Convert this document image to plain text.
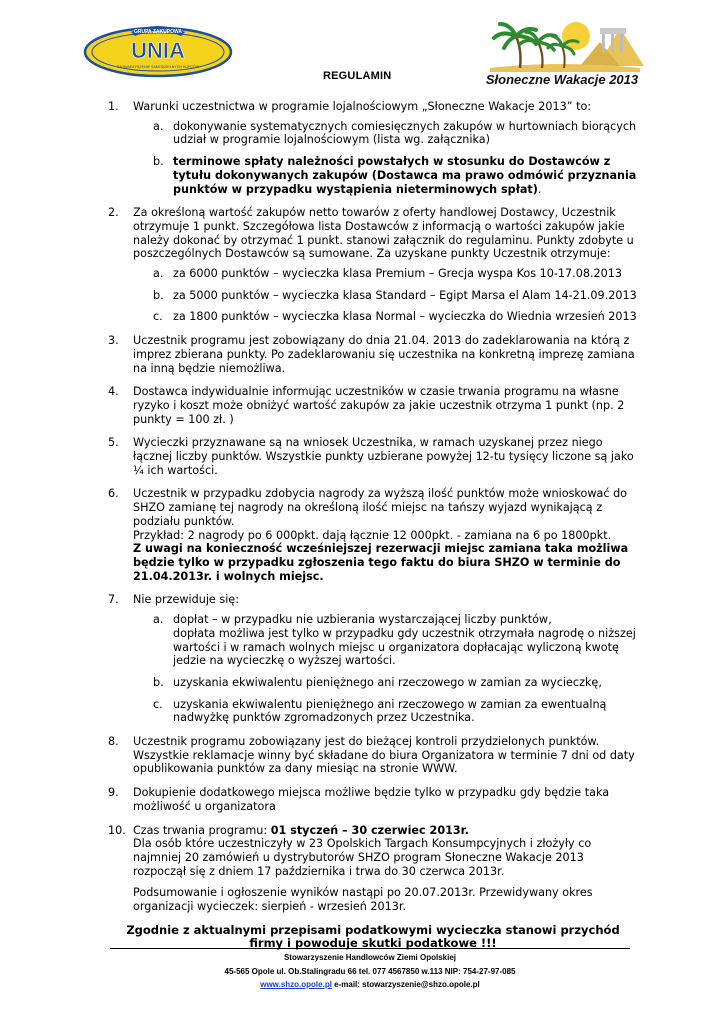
GRUPA ZAKUPOWA
UNIA
STOWARZYSZENIE SAMODZIELNYCH KUPCÓW
Słoneczne Wakacje 2013
REGULAMIN
1.	Warunki uczestnictwa w programie lojalnościowym „Słoneczne Wakacje 2013” to:

a. dokonywanie systematycznych comiesięcznych zakupów w hurtowniach biorących udział w programie lojalnościowym (lista wg. załącznika)

b. terminowe spłaty należności powstałych w stosunku do Dostawców z tytułu dokonywanych zakupów (Dostawca ma prawo odmówić przyznania punktów w przypadku wystąpienia nieterminowych spłat).

2.	Za określoną wartość zakupów netto towarów z oferty handlowej Dostawcy, Uczestnik otrzymuje 1 punkt. Szczegółowa lista Dostawców z informacją o wartości zakupów jakie należy dokonać by otrzymać 1 punkt. stanowi załącznik do regulaminu. Punkty zdobyte u poszczególnych Dostawców są sumowane. Za uzyskane punkty Uczestnik otrzymuje:

a. za 6000 punktów – wycieczka klasa Premium – Grecja wyspa Kos 10-17.08.2013

b. za 5000 punktów – wycieczka klasa Standard – Egipt Marsa el Alam 14-21.09.2013

c. za 1800 punktów – wycieczka klasa Normal – wycieczka do Wiednia wrzesień 2013

3.	Uczestnik programu jest zobowiązany do dnia 21.04. 2013 do zadeklarowania na którą z imprez zbierana punkty. Po zadeklarowaniu się uczestnika na konkretną imprezę zamiana na inną będzie niemożliwa.

4.	Dostawca indywidualnie informując uczestników w czasie trwania programu na własne ryzyko i koszt może obniżyć wartość zakupów za jakie uczestnik otrzyma 1 punkt (np. 2 punkty = 100 zł. )

5.	Wycieczki przyznawane są na wniosek Uczestnika, w ramach uzyskanej przez niego łącznej liczby punktów. Wszystkie punkty uzbierane powyżej 12-tu tysięcy liczone są jako ¼ ich wartości.

6.	Uczestnik w przypadku zdobycia nagrody za wyższą ilość punktów może wnioskować do SHZO zamianę tej nagrody na określoną ilość miejsc na tańszy wyjazd wynikającą z podziału punktów.

Przykład: 2 nagrody po 6 000pkt. dają łącznie 12 000pkt. - zamiana na 6 po 1800pkt.

Z uwagi na konieczność wcześniejszej rezerwacji miejsc zamiana taka możliwa będzie tylko w przypadku zgłoszenia tego faktu do biura SHZO w terminie do 21.04.2013r. i wolnych miejsc.

7.	Nie przewiduje się:

a. dopłat – w przypadku nie uzbierania wystarczającej liczby punktów,

dopłata możliwa jest tylko w przypadku gdy uczestnik otrzymała nagrodę o niższej wartości i w ramach wolnych miejsc u organizatora dopłacając wyliczoną kwotę jedzie na wycieczkę o wyższej wartości.

b. uzyskania ekwiwalentu pieniężnego ani rzeczowego w zamian za wycieczkę,

c. uzyskania ekwiwalentu pieniężnego ani rzeczowego w zamian za ewentualną nadwyżkę punktów zgromadzonych przez Uczestnika.

8.	Uczestnik programu zobowiązany jest do bieżącej kontroli przydzielonych punktów. Wszystkie reklamacje winny być składane do biura Organizatora w terminie 7 dni od daty opublikowania punktów za dany miesiąc na stronie WWW.

9.	Dokupienie dodatkowego miejsca możliwe będzie tylko w przypadku gdy będzie taka możliwość u organizatora

10. Czas trwania programu: 01 styczeń – 30 czerwiec 2013r.

Dla osób które uczestniczyły w 23 Opolskich Targach Konsumpcyjnych i złożyły co najmniej 20 zamówień u dystrybutorów SHZO program Słoneczne Wakacje 2013 rozpoczął się z dniem 17 października i trwa do 30 czerwca 2013r.

Podsumowanie i ogłoszenie wyników nastąpi po 20.07.2013r. Przewidywany okres organizacji wycieczek: sierpień - wrzesień 2013r.

Zgodnie z aktualnymi przepisami podatkowymi wycieczka stanowi przychód firmy i powoduje skutki podatkowe !!!

Stowarzyszenie Handlowców Ziemi Opolskiej
45-565 Opole ul. Ob.Stalingradu 66 tel. 077 4567850 w.113 NIP: 754-27-97-085
www.shzo.opole.pl e-mail: stowarzyszenie@shzo.opole.pl
